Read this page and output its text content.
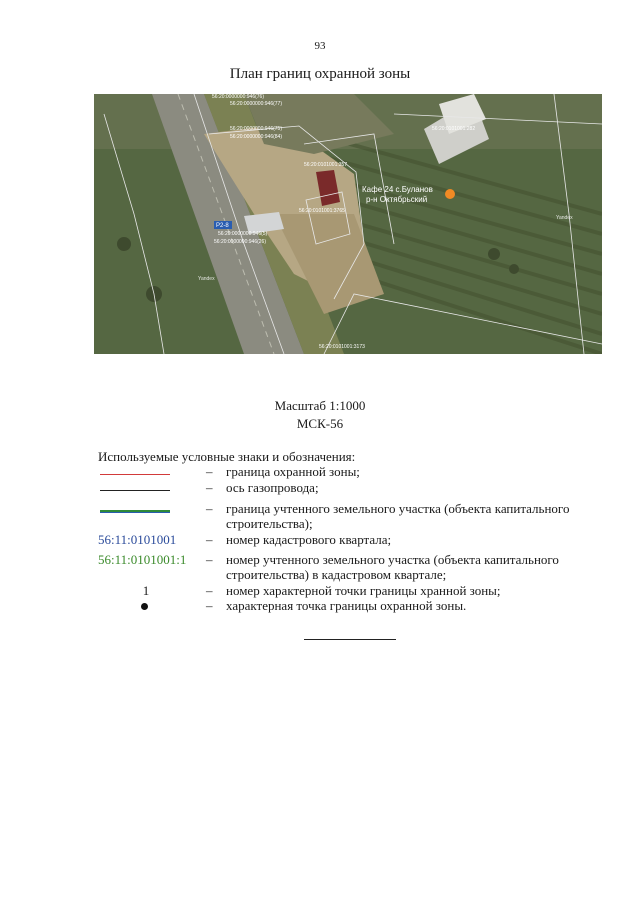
93
План границ охранной зоны
56:20:0000000:946(76)
56:20:0000000:946(77)
56:20:0000000:946(75)
56:20:0000000:946(84)
56:20:0101001:282
56:20:0101001:357
56:20:0101001:3765
56:20:0000000:946(5)
56:20:0000000:946(26)
56:20:0101001:3173
Yandex
Yandex
Р2-8
Кафе 24 с.Буланов
р-н Октябрьский
Масштаб 1:1000
МСК-56
Используемые условные знаки и обозначения:
– граница охранной зоны;
– ось газопровода;
– граница учтенного земельного участка (объекта капитального строительства);
56:11:0101001	– номер кадастрового квартала;
56:11:0101001:1	– номер учтенного земельного участка (объекта капитального строительства) в кадастровом квартале;
1	– номер характерной точки границы хранной зоны;
– характерная точка границы охранной зоны.
